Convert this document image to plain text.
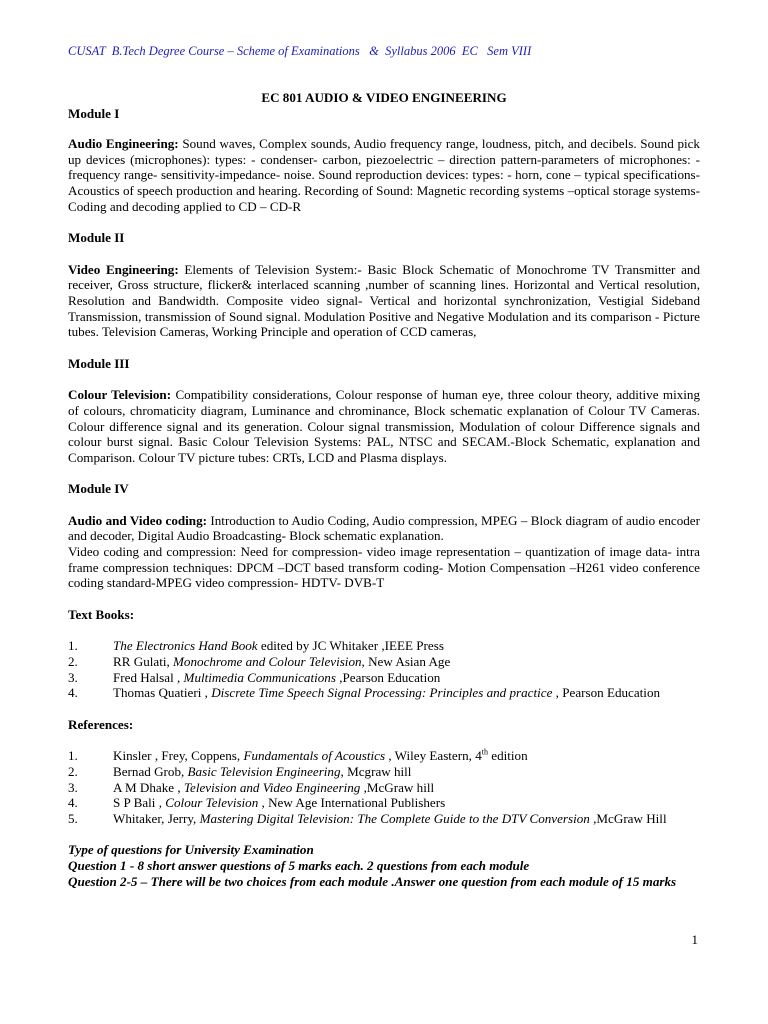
CUSAT  B.Tech Degree Course – Scheme of Examinations   &  Syllabus 2006  EC   Sem VIII

EC 801 AUDIO & VIDEO ENGINEERING

Module I

Audio Engineering: Sound waves, Complex sounds, Audio frequency range, loudness, pitch, and decibels. Sound pick up devices (microphones): types: - condenser- carbon, piezoelectric – direction pattern-parameters of microphones: - frequency range- sensitivity-impedance- noise. Sound reproduction devices: types: - horn, cone – typical specifications- Acoustics of speech production and hearing. Recording of Sound: Magnetic recording systems –optical storage systems-Coding and decoding applied to CD – CD-R

Module II

Video Engineering: Elements of Television System:- Basic Block Schematic of Monochrome TV Transmitter and receiver, Gross structure, flicker& interlaced scanning ,number of scanning lines. Horizontal and Vertical resolution, Resolution and Bandwidth. Composite video signal- Vertical and horizontal synchronization, Vestigial Sideband Transmission, transmission of Sound signal. Modulation Positive and Negative Modulation and its comparison - Picture tubes. Television Cameras, Working Principle and operation of CCD cameras,

Module III

Colour Television: Compatibility considerations, Colour response of human eye, three colour theory, additive mixing of colours, chromaticity diagram, Luminance and chrominance, Block schematic explanation of Colour TV Cameras. Colour difference signal and its generation. Colour signal transmission, Modulation of colour Difference signals and colour burst signal. Basic Colour Television Systems: PAL, NTSC and SECAM.-Block Schematic, explanation and Comparison. Colour TV picture tubes: CRTs, LCD and Plasma displays.

Module IV

Audio and Video coding: Introduction to Audio Coding, Audio compression, MPEG – Block diagram of audio encoder and decoder, Digital Audio Broadcasting- Block schematic explanation.

Video coding and compression: Need for compression- video image representation – quantization of image data- intra frame compression techniques: DPCM –DCT based transform coding- Motion Compensation –H261 video conference coding standard-MPEG video compression- HDTV- DVB-T

Text Books:

1.	The Electronics Hand Book edited by JC Whitaker ,IEEE Press
2.	RR Gulati, Monochrome and Colour Television, New Asian Age
3.	Fred Halsal , Multimedia Communications ,Pearson Education
4.	Thomas Quatieri , Discrete Time Speech Signal Processing: Principles and practice , Pearson Education

References:

1.	Kinsler , Frey, Coppens, Fundamentals of Acoustics , Wiley Eastern, 4th edition
2.	Bernad Grob, Basic Television Engineering, Mcgraw hill
3.	A M Dhake , Television and Video Engineering ,McGraw hill
4.	S P Bali , Colour Television , New Age International Publishers
5.	Whitaker, Jerry, Mastering Digital Television: The Complete Guide to the DTV Conversion ,McGraw Hill

Type of questions for University Examination

Question 1 - 8 short answer questions of 5 marks each. 2 questions from each module

Question 2-5 – There will be two choices from each module .Answer one question from each module of 15 marks

1
